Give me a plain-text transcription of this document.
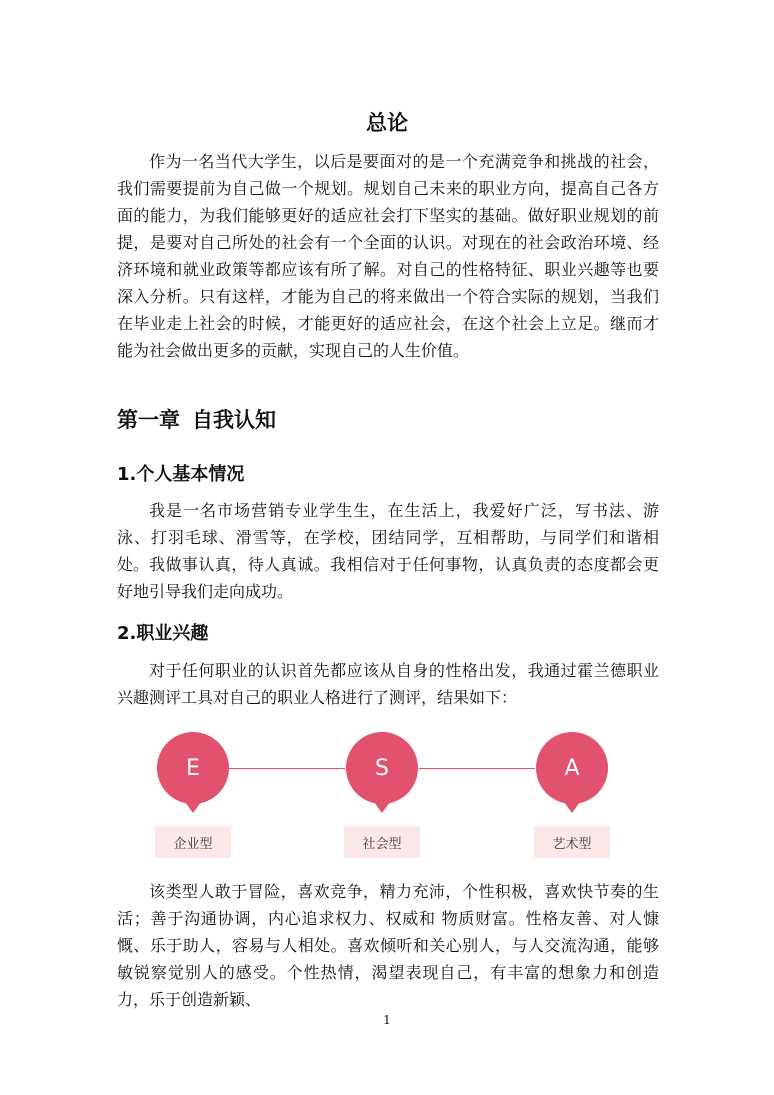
总论

作为一名当代大学生，以后是要面对的是一个充满竞争和挑战的社会，我们需要提前为自己做一个规划。规划自己未来的职业方向，提高自己各方面的能力，为我们能够更好的适应社会打下坚实的基础。做好职业规划的前提，是要对自己所处的社会有一个全面的认识。对现在的社会政治环境、经济环境和就业政策等都应该有所了解。对自己的性格特征、职业兴趣等也要深入分析。只有这样，才能为自己的将来做出一个符合实际的规划，当我们在毕业走上社会的时候，才能更好的适应社会，在这个社会上立足。继而才能为社会做出更多的贡献，实现自己的人生价值。

第一章 自我认知
1.个人基本情况

我是一名市场营销专业学生生，在生活上，我爱好广泛，写书法、游泳、打羽毛球、滑雪等，在学校，团结同学，互相帮助，与同学们和谐相处。 我做事认真，待人真诚。我相信对于任何事物，认真负责的态度都会更好地引导我们走向成功。

2.职业兴趣

对于任何职业的认识首先都应该从自身的性格出发，我通过霍兰德职业兴趣测评工具对自己的职业人格进行了测评，结果如下：

E
企业型
S
社会型
A
艺术型

该类型人敢于冒险，喜欢竞争，精力充沛，个性积极，喜欢快节奏的生活；善于沟通协调，内心追求权力、权威和 物质财富。性格友善、对人慷慨、乐于助人，容易与人相处。喜欢倾听和关心别人，与人交流沟通，能够敏锐察觉别人的感受。个性热情，渴望表现自己，有丰富的想象力和创造力，乐于创造新颖、

1
